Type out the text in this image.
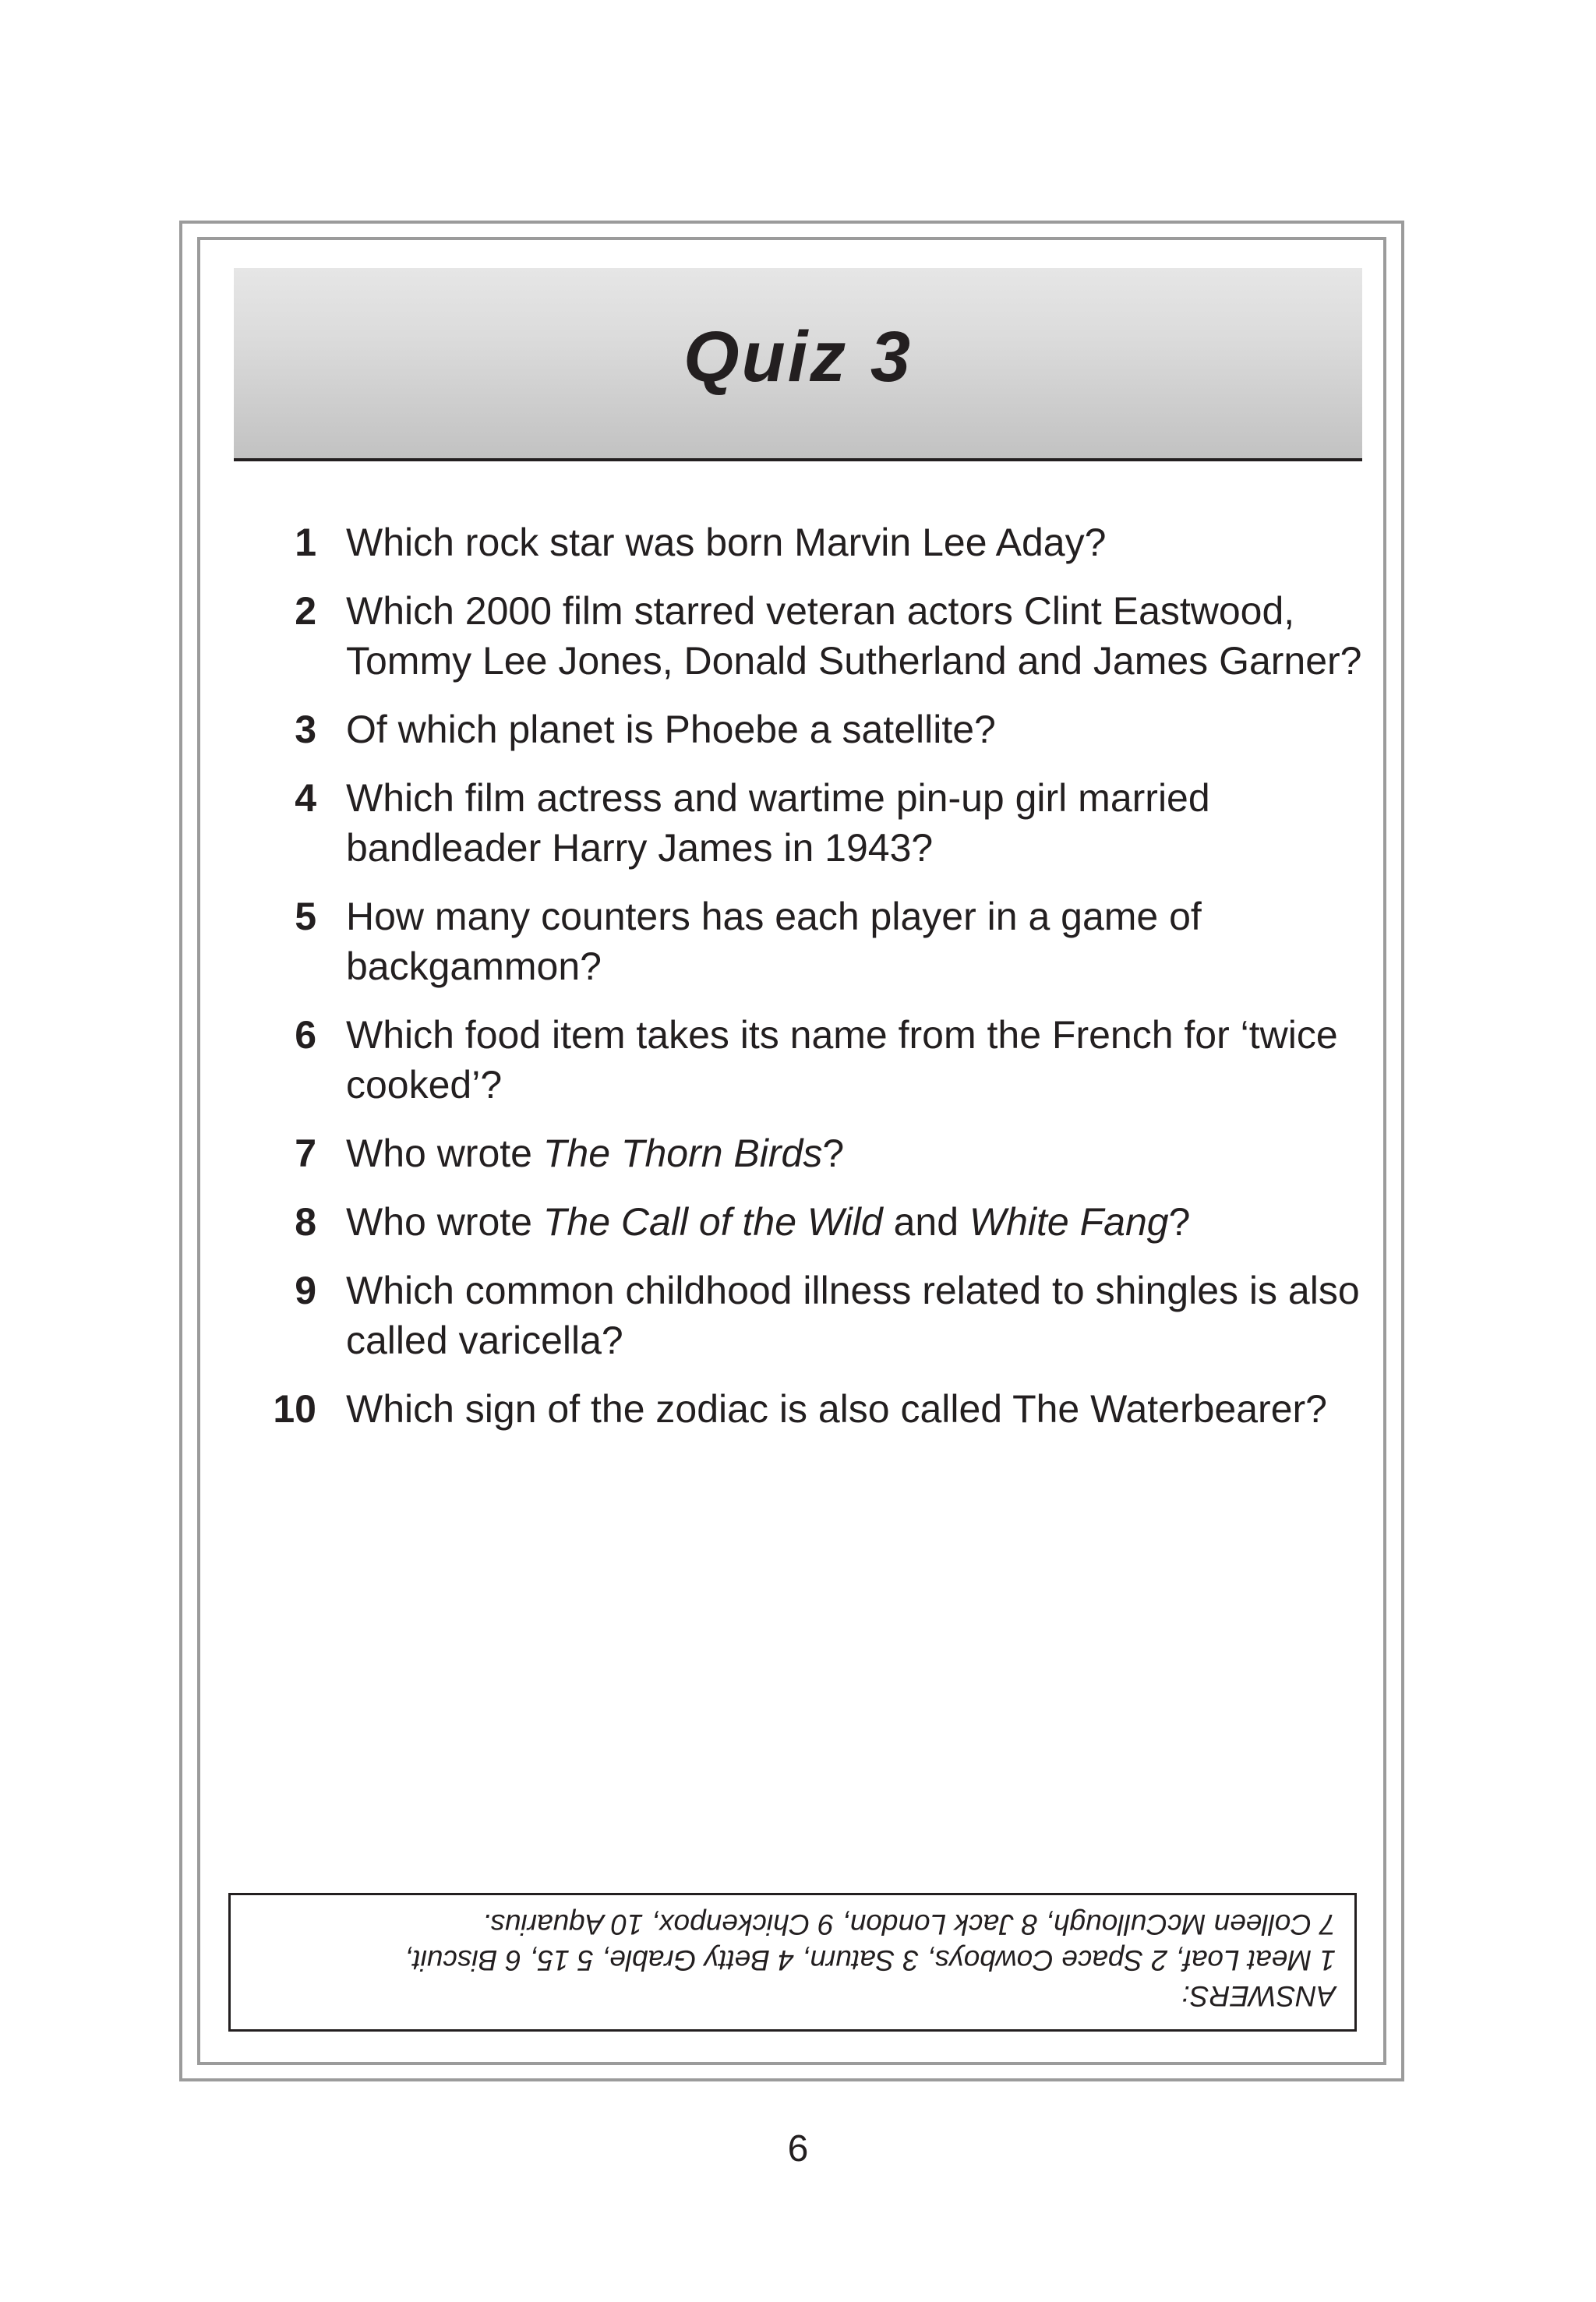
Quiz 3
1 Which rock star was born Marvin Lee Aday?
2 Which 2000 film starred veteran actors Clint Eastwood, Tommy Lee Jones, Donald Sutherland and James Garner?
3 Of which planet is Phoebe a satellite?
4 Which film actress and wartime pin-up girl married bandleader Harry James in 1943?
5 How many counters has each player in a game of backgammon?
6 Which food item takes its name from the French for ‘twice cooked’?
7 Who wrote The Thorn Birds?
8 Who wrote The Call of the Wild and White Fang?
9 Which common childhood illness related to shingles is also called varicella?
10 Which sign of the zodiac is also called The Waterbearer?
ANSWERS:
1 Meat Loaf, 2 Space Cowboys, 3 Saturn, 4 Betty Grable, 5 15, 6 Biscuit,
7 Colleen McCullough, 8 Jack London, 9 Chickenpox, 10 Aquarius.
6
